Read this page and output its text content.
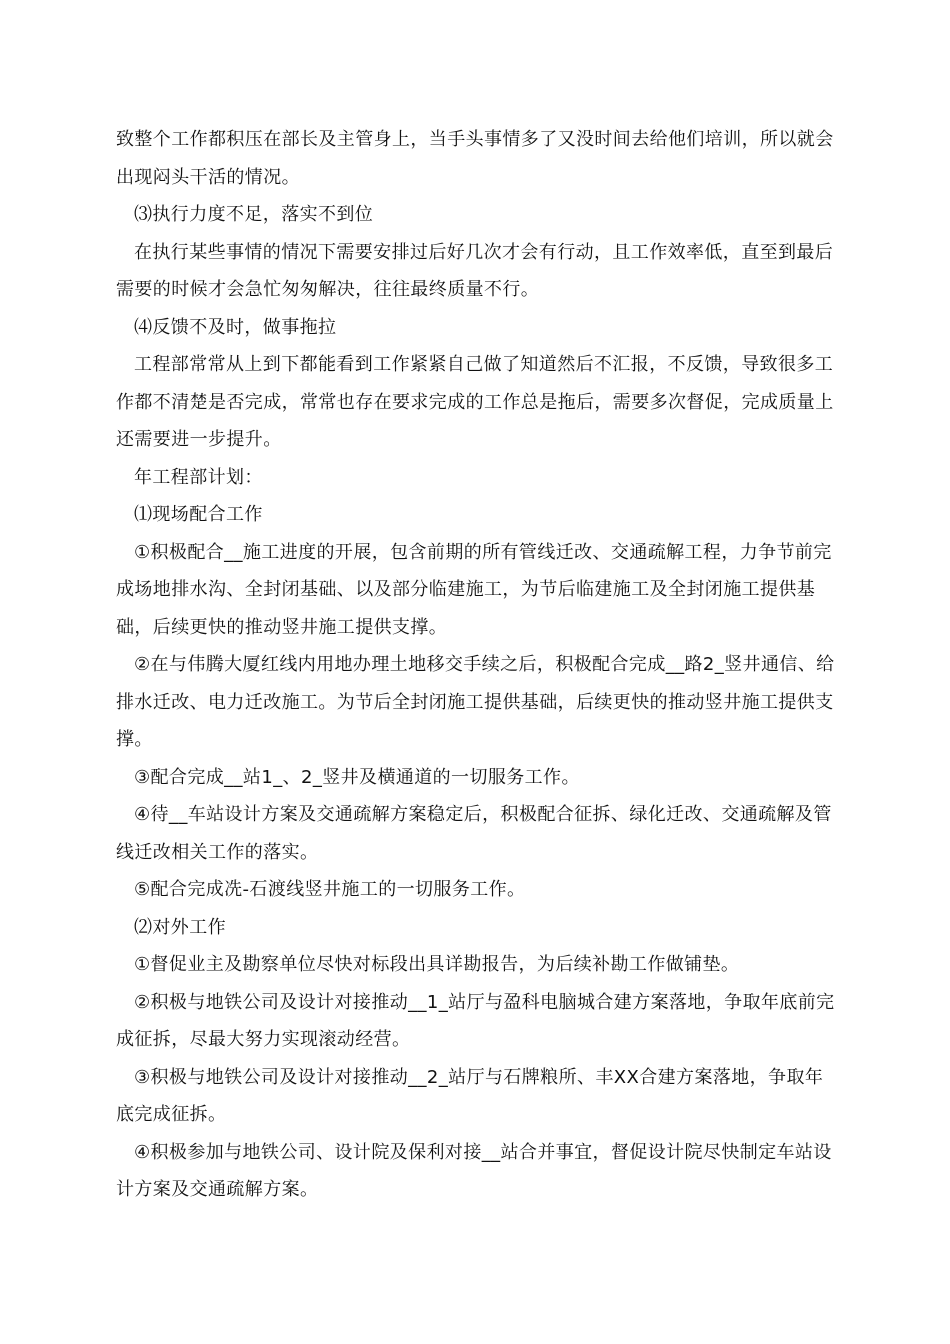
致整个工作都积压在部长及主管身上，当手头事情多了又没时间去给他们培训，所以就会出现闷头干活的情况。

⑶执行力度不足，落实不到位

在执行某些事情的情况下需要安排过后好几次才会有行动，且工作效率低，直至到最后需要的时候才会急忙匆匆解决，往往最终质量不行。

⑷反馈不及时，做事拖拉

工程部常常从上到下都能看到工作紧紧自己做了知道然后不汇报，不反馈，导致很多工作都不清楚是否完成，常常也存在要求完成的工作总是拖后，需要多次督促，完成质量上还需要进一步提升。

年工程部计划：

⑴现场配合工作

①积极配合__施工进度的开展，包含前期的所有管线迁改、交通疏解工程，力争节前完成场地排水沟、全封闭基础、以及部分临建施工，为节后临建施工及全封闭施工提供基础，后续更快的推动竖井施工提供支撑。

②在与伟腾大厦红线内用地办理土地移交手续之后，积极配合完成__路2_竖井通信、给排水迁改、电力迁改施工。为节后全封闭施工提供基础，后续更快的推动竖井施工提供支撑。

③配合完成__站1_、2_竖井及横通道的一切服务工作。

④待__车站设计方案及交通疏解方案稳定后，积极配合征拆、绿化迁改、交通疏解及管线迁改相关工作的落实。

⑤配合完成冼-石渡线竖井施工的一切服务工作。

⑵对外工作

①督促业主及勘察单位尽快对标段出具详勘报告，为后续补勘工作做铺垫。

②积极与地铁公司及设计对接推动__1_站厅与盈科电脑城合建方案落地，争取年底前完成征拆，尽最大努力实现滚动经营。

③积极与地铁公司及设计对接推动__2_站厅与石牌粮所、丰XX合建方案落地，争取年底完成征拆。

④积极参加与地铁公司、设计院及保利对接__站合并事宜，督促设计院尽快制定车站设计方案及交通疏解方案。
